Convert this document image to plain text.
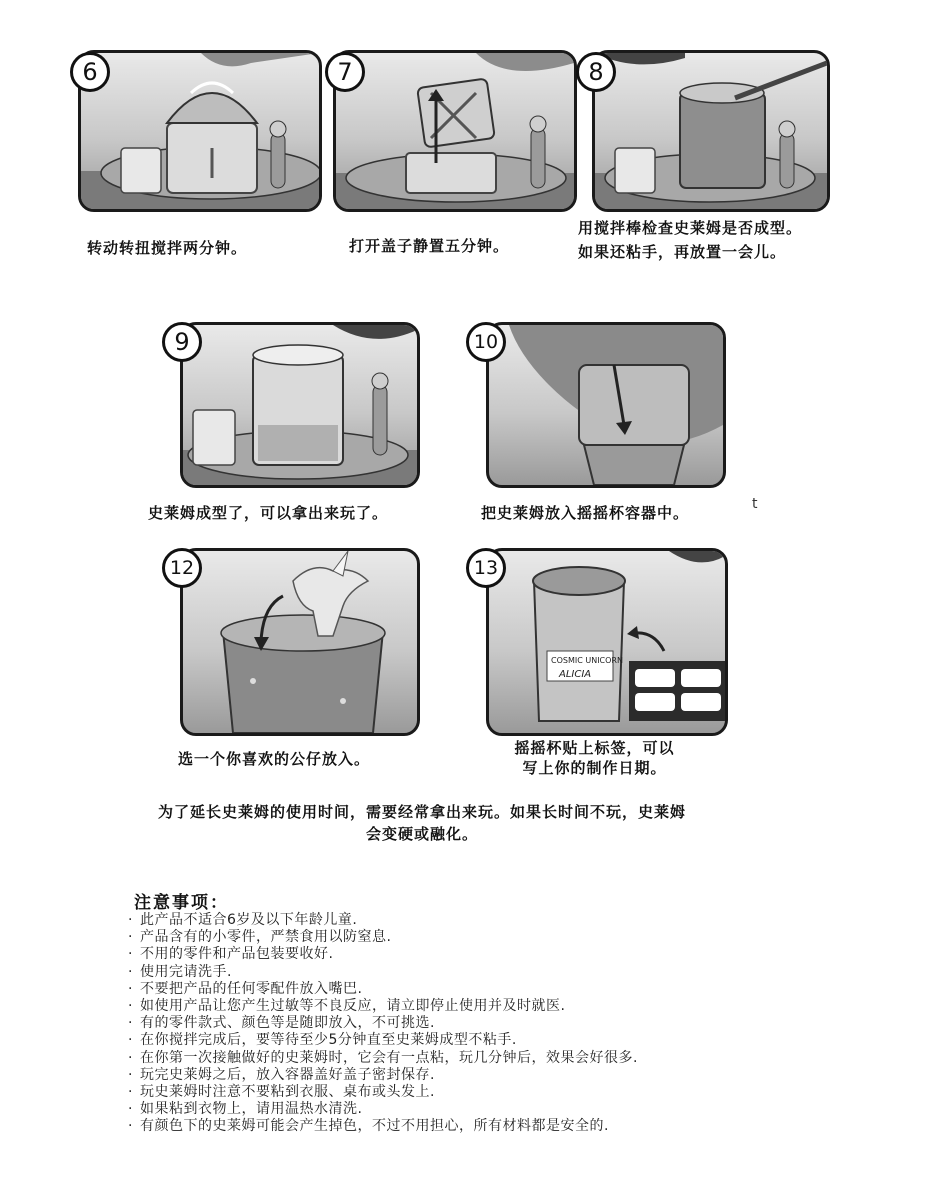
6	7	8
转动转扭搅拌两分钟。	打开盖子静置五分钟。
用搅拌棒检查史莱姆是否成型。
如果还粘手，再放置一会儿。
9	10
史莱姆成型了，可以拿出来玩了。	把史莱姆放入摇摇杯容器中。	t
12
COSMIC UNICORN
ALICIA
13
选一个你喜欢的公仔放入。
摇摇杯贴上标签，可以
写上你的制作日期。
为了延长史莱姆的使用时间，需要经常拿出来玩。如果长时间不玩，史莱姆
会变硬或融化。
注意事项：
· 此产品不适合6岁及以下年龄儿童.
· 产品含有的小零件，严禁食用以防窒息.
· 不用的零件和产品包装要收好.
· 使用完请洗手.
· 不要把产品的任何零配件放入嘴巴.
· 如使用产品让您产生过敏等不良反应，请立即停止使用并及时就医.
· 有的零件款式、颜色等是随即放入，不可挑选.
· 在你搅拌完成后，要等待至少5分钟直至史莱姆成型不粘手.
· 在你第一次接触做好的史莱姆时，它会有一点粘，玩几分钟后，效果会好很多.
· 玩完史莱姆之后，放入容器盖好盖子密封保存.
· 玩史莱姆时注意不要粘到衣服、桌布或头发上.
· 如果粘到衣物上，请用温热水清洗.
· 有颜色下的史莱姆可能会产生掉色，不过不用担心，所有材料都是安全的.
